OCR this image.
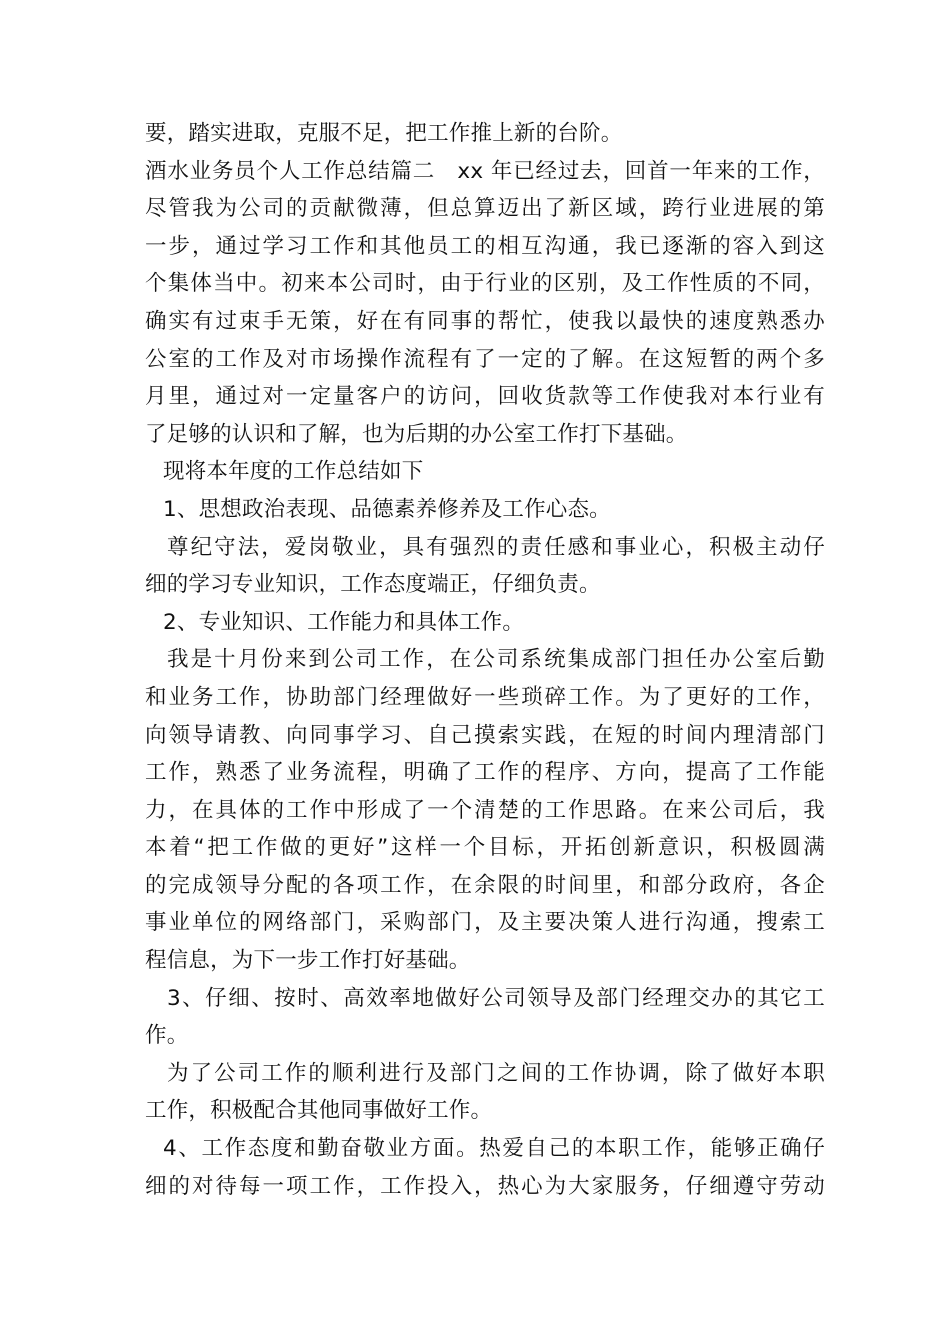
要，踏实进取，克服不足，把工作推上新的台阶。
酒水业务员个人工作总结篇二　xx 年已经过去，回首一年来的工作，
尽管我为公司的贡献微薄，但总算迈出了新区域，跨行业进展的第
一步，通过学习工作和其他员工的相互沟通，我已逐渐的容入到这
个集体当中。初来本公司时，由于行业的区别，及工作性质的不同，
确实有过束手无策，好在有同事的帮忙，使我以最快的速度熟悉办
公室的工作及对市场操作流程有了一定的了解。在这短暂的两个多
月里，通过对一定量客户的访问，回收货款等工作使我对本行业有
了足够的认识和了解，也为后期的办公室工作打下基础。
现将本年度的工作总结如下
1、思想政治表现、品德素养修养及工作心态。
尊纪守法，爱岗敬业，具有强烈的责任感和事业心，积极主动仔
细的学习专业知识，工作态度端正，仔细负责。
2、专业知识、工作能力和具体工作。
我是十月份来到公司工作，在公司系统集成部门担任办公室后勤
和业务工作，协助部门经理做好一些琐碎工作。为了更好的工作，
向领导请教、向同事学习、自己摸索实践，在短的时间内理清部门
工作，熟悉了业务流程，明确了工作的程序、方向，提高了工作能
力，在具体的工作中形成了一个清楚的工作思路。在来公司后，我
本着“把工作做的更好”这样一个目标，开拓创新意识，积极圆满
的完成领导分配的各项工作，在余限的时间里，和部分政府，各企
事业单位的网络部门，采购部门，及主要决策人进行沟通，搜索工
程信息，为下一步工作打好基础。
3、仔细、按时、高效率地做好公司领导及部门经理交办的其它工
作。
为了公司工作的顺利进行及部门之间的工作协调，除了做好本职
工作，积极配合其他同事做好工作。
4、工作态度和勤奋敬业方面。热爱自己的本职工作，能够正确仔
细的对待每一项工作，工作投入，热心为大家服务，仔细遵守劳动
